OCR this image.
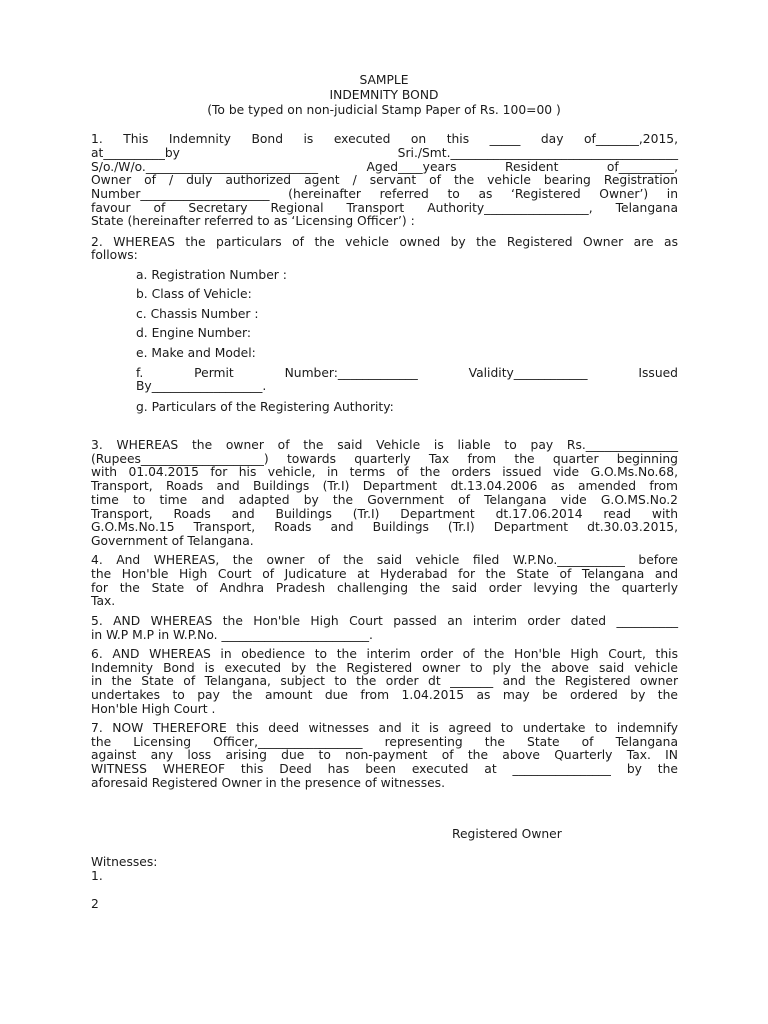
SAMPLE
INDEMNITY BOND
(To be typed on non-judicial Stamp Paper of Rs. 100=00 )
1. This Indemnity Bond is executed on this _____ day of_______,2015,
at__________by Sri./Smt._____________________________________
S/o./W/o.____________________________ Aged____years Resident of_________,
Owner of / duly authorized agent / servant of the vehicle bearing Registration
Number_____________________ (hereinafter referred to as ‘Registered Owner’) in
favour of Secretary Regional Transport Authority_________________, Telangana
State (hereinafter referred to as ‘Licensing Officer’) :
2. WHEREAS the particulars of the vehicle owned by the Registered Owner are as
follows:
a. Registration Number :
b. Class of Vehicle:
c. Chassis Number :
d. Engine Number:
e. Make and Model:
f. Permit Number:_____________ Validity____________ Issued
By__________________.
g. Particulars of the Registering Authority:
3. WHEREAS the owner of the said Vehicle is liable to pay Rs._______________
(Rupees____________________) towards quarterly Tax from the quarter beginning
with 01.04.2015 for his vehicle, in terms of the orders issued vide G.O.Ms.No.68,
Transport, Roads and Buildings (Tr.I) Department dt.13.04.2006 as amended from
time to time and adapted by the Government of Telangana vide G.O.MS.No.2
Transport, Roads and Buildings (Tr.I) Department dt.17.06.2014 read with
G.O.Ms.No.15 Transport, Roads and Buildings (Tr.I) Department dt.30.03.2015,
Government of Telangana.
4. And WHEREAS, the owner of the said vehicle filed W.P.No.___________ before
the Hon'ble High Court of Judicature at Hyderabad for the State of Telangana and
for the State of Andhra Pradesh challenging the said order levying the quarterly
Tax.
5. AND WHEREAS the Hon'ble High Court passed an interim order dated __________
in W.P M.P in W.P.No. ________________________.
6. AND WHEREAS in obedience to the interim order of the Hon'ble High Court, this
Indemnity Bond is executed by the Registered owner to ply the above said vehicle
in the State of Telangana, subject to the order dt _______ and the Registered owner
undertakes to pay the amount due from 1.04.2015 as may be ordered by the
Hon'ble High Court .
7. NOW THEREFORE this deed witnesses and it is agreed to undertake to indemnify
the Licensing Officer,_________________ representing the State of Telangana
against any loss arising due to non-payment of the above Quarterly Tax. IN
WITNESS WHEREOF this Deed has been executed at ________________ by the
aforesaid Registered Owner in the presence of witnesses.
Registered Owner
Witnesses:
1.
2
